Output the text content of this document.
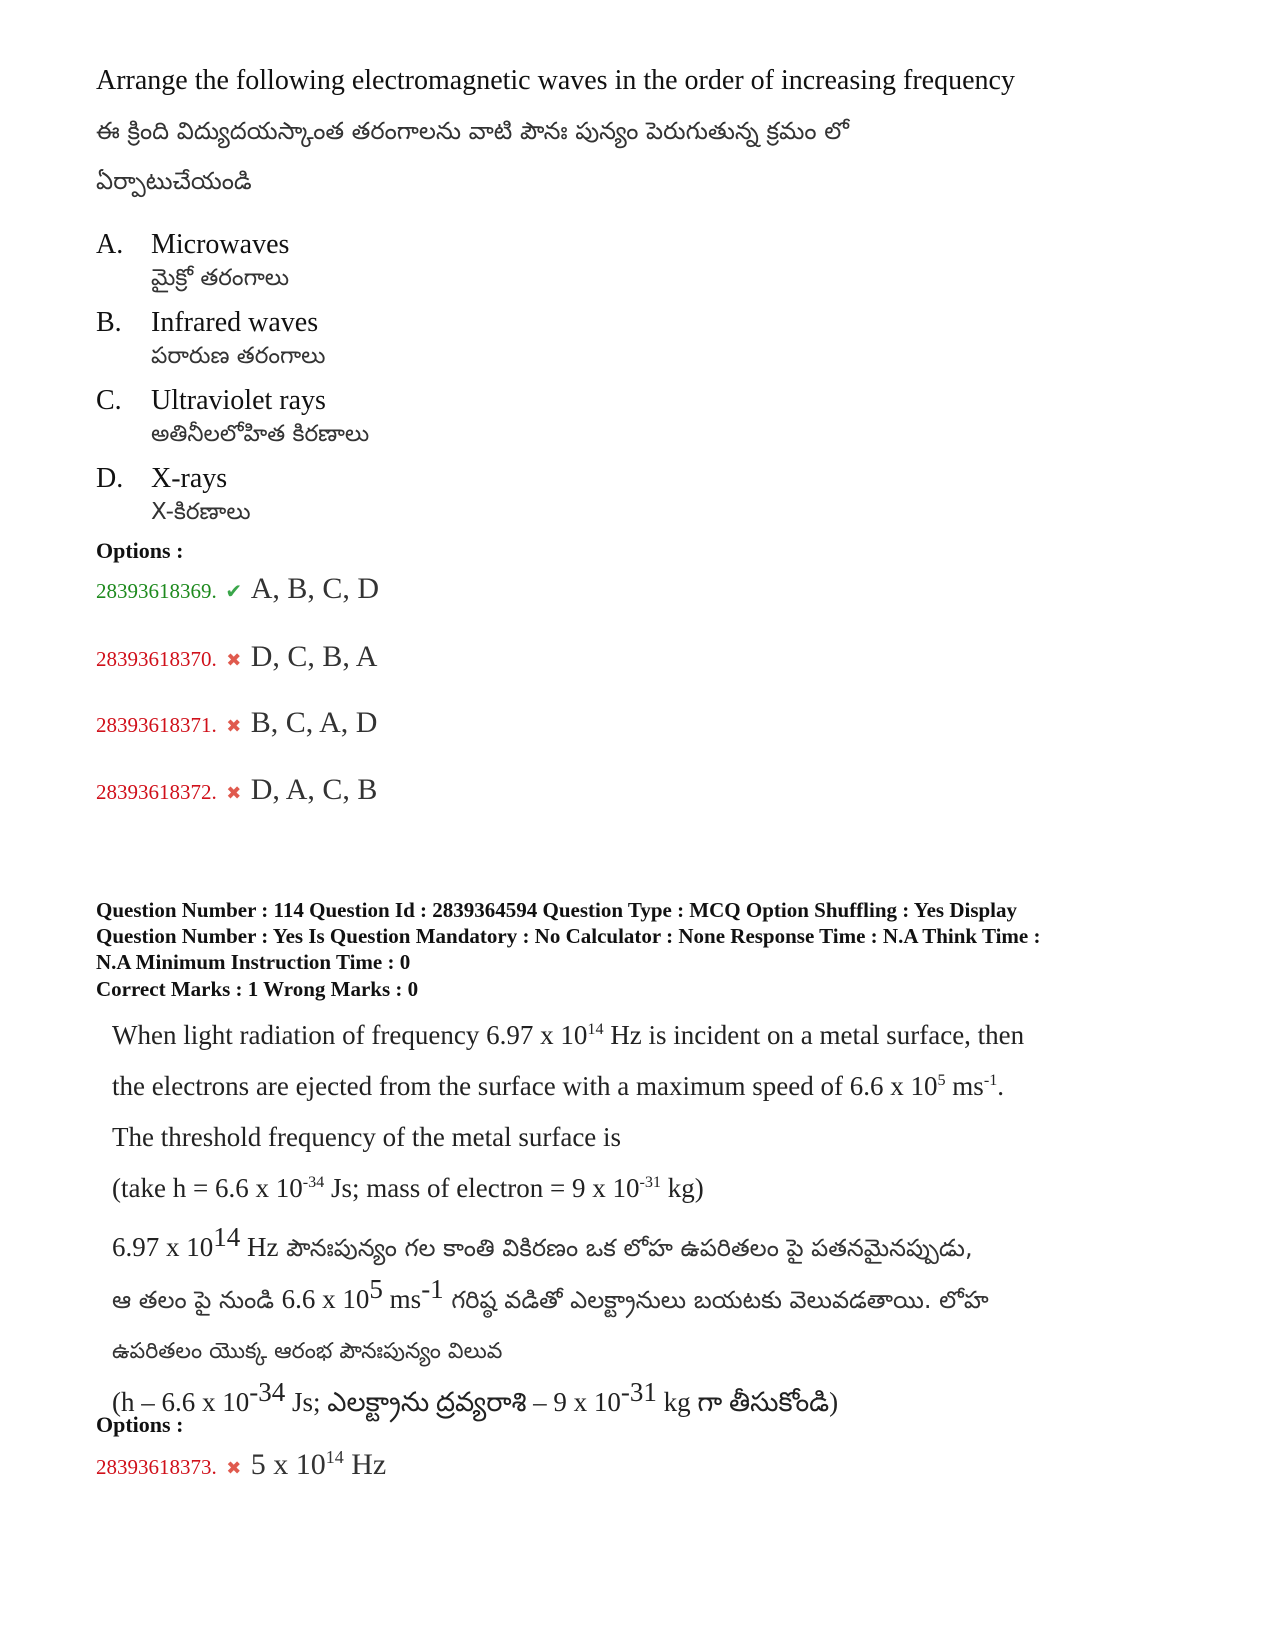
Arrange the following electromagnetic waves in the order of increasing frequency
ఈ క్రింది విద్యుదయస్కాంత తరంగాలను వాటి పౌనః పున్యం పెరుగుతున్న క్రమం లో
ఏర్పాటుచేయండి
A. Microwaves
మైక్రో తరంగాలు
B.	Infrared waves
పరారుణ తరంగాలు
C.	Ultraviolet rays
అతినీలలోహిత కిరణాలు
D. X-rays
X-కిరణాలు
Options :
28393618369. ✔ A, B, C, D
28393618370. ✖ D, C, B, A
28393618371. ✖ B, C, A, D
28393618372. ✖ D, A, C, B
Question Number : 114 Question Id : 2839364594 Question Type : MCQ Option Shuffling : Yes Display
Question Number : Yes Is Question Mandatory : No Calculator : None Response Time : N.A Think Time :
N.A Minimum Instruction Time : 0
Correct Marks : 1 Wrong Marks : 0
When light radiation of frequency 6.97 x $10^{14}$ Hz is incident on a metal surface, then
the electrons are ejected from the surface with a maximum speed of 6.6 x $10^5$ $ms^{-1}$.
The threshold frequency of the metal surface is
(take h = 6.6 x $10^{-34}$ Js; mass of electron = 9 x $10^{-31}$ kg)
6.97 x $10^{14}$ Hz పౌనఃపున్యం గల కాంతి వికిరణం ఒక లోహ ఉపరితలం పై పతనమైనప్పుడు,
ఆ తలం పై నుండి 6.6 x $10^5$ $ms^{-1}$ గరిష్ఠ వడితో ఎలక్ట్రానులు బయటకు వెలువడతాయి. లోహ
ఉపరితలం యొక్క ఆరంభ పౌనఃపున్యం విలువ
(h – 6.6 x $10^{-34}$ Js; ఎలక్ట్రాను ద్రవ్యరాశి – 9 x $10^{-31}$ kg గా తీసుకోండి)
Options :
28393618373. ✖ 5 x $10^{14}$ Hz
